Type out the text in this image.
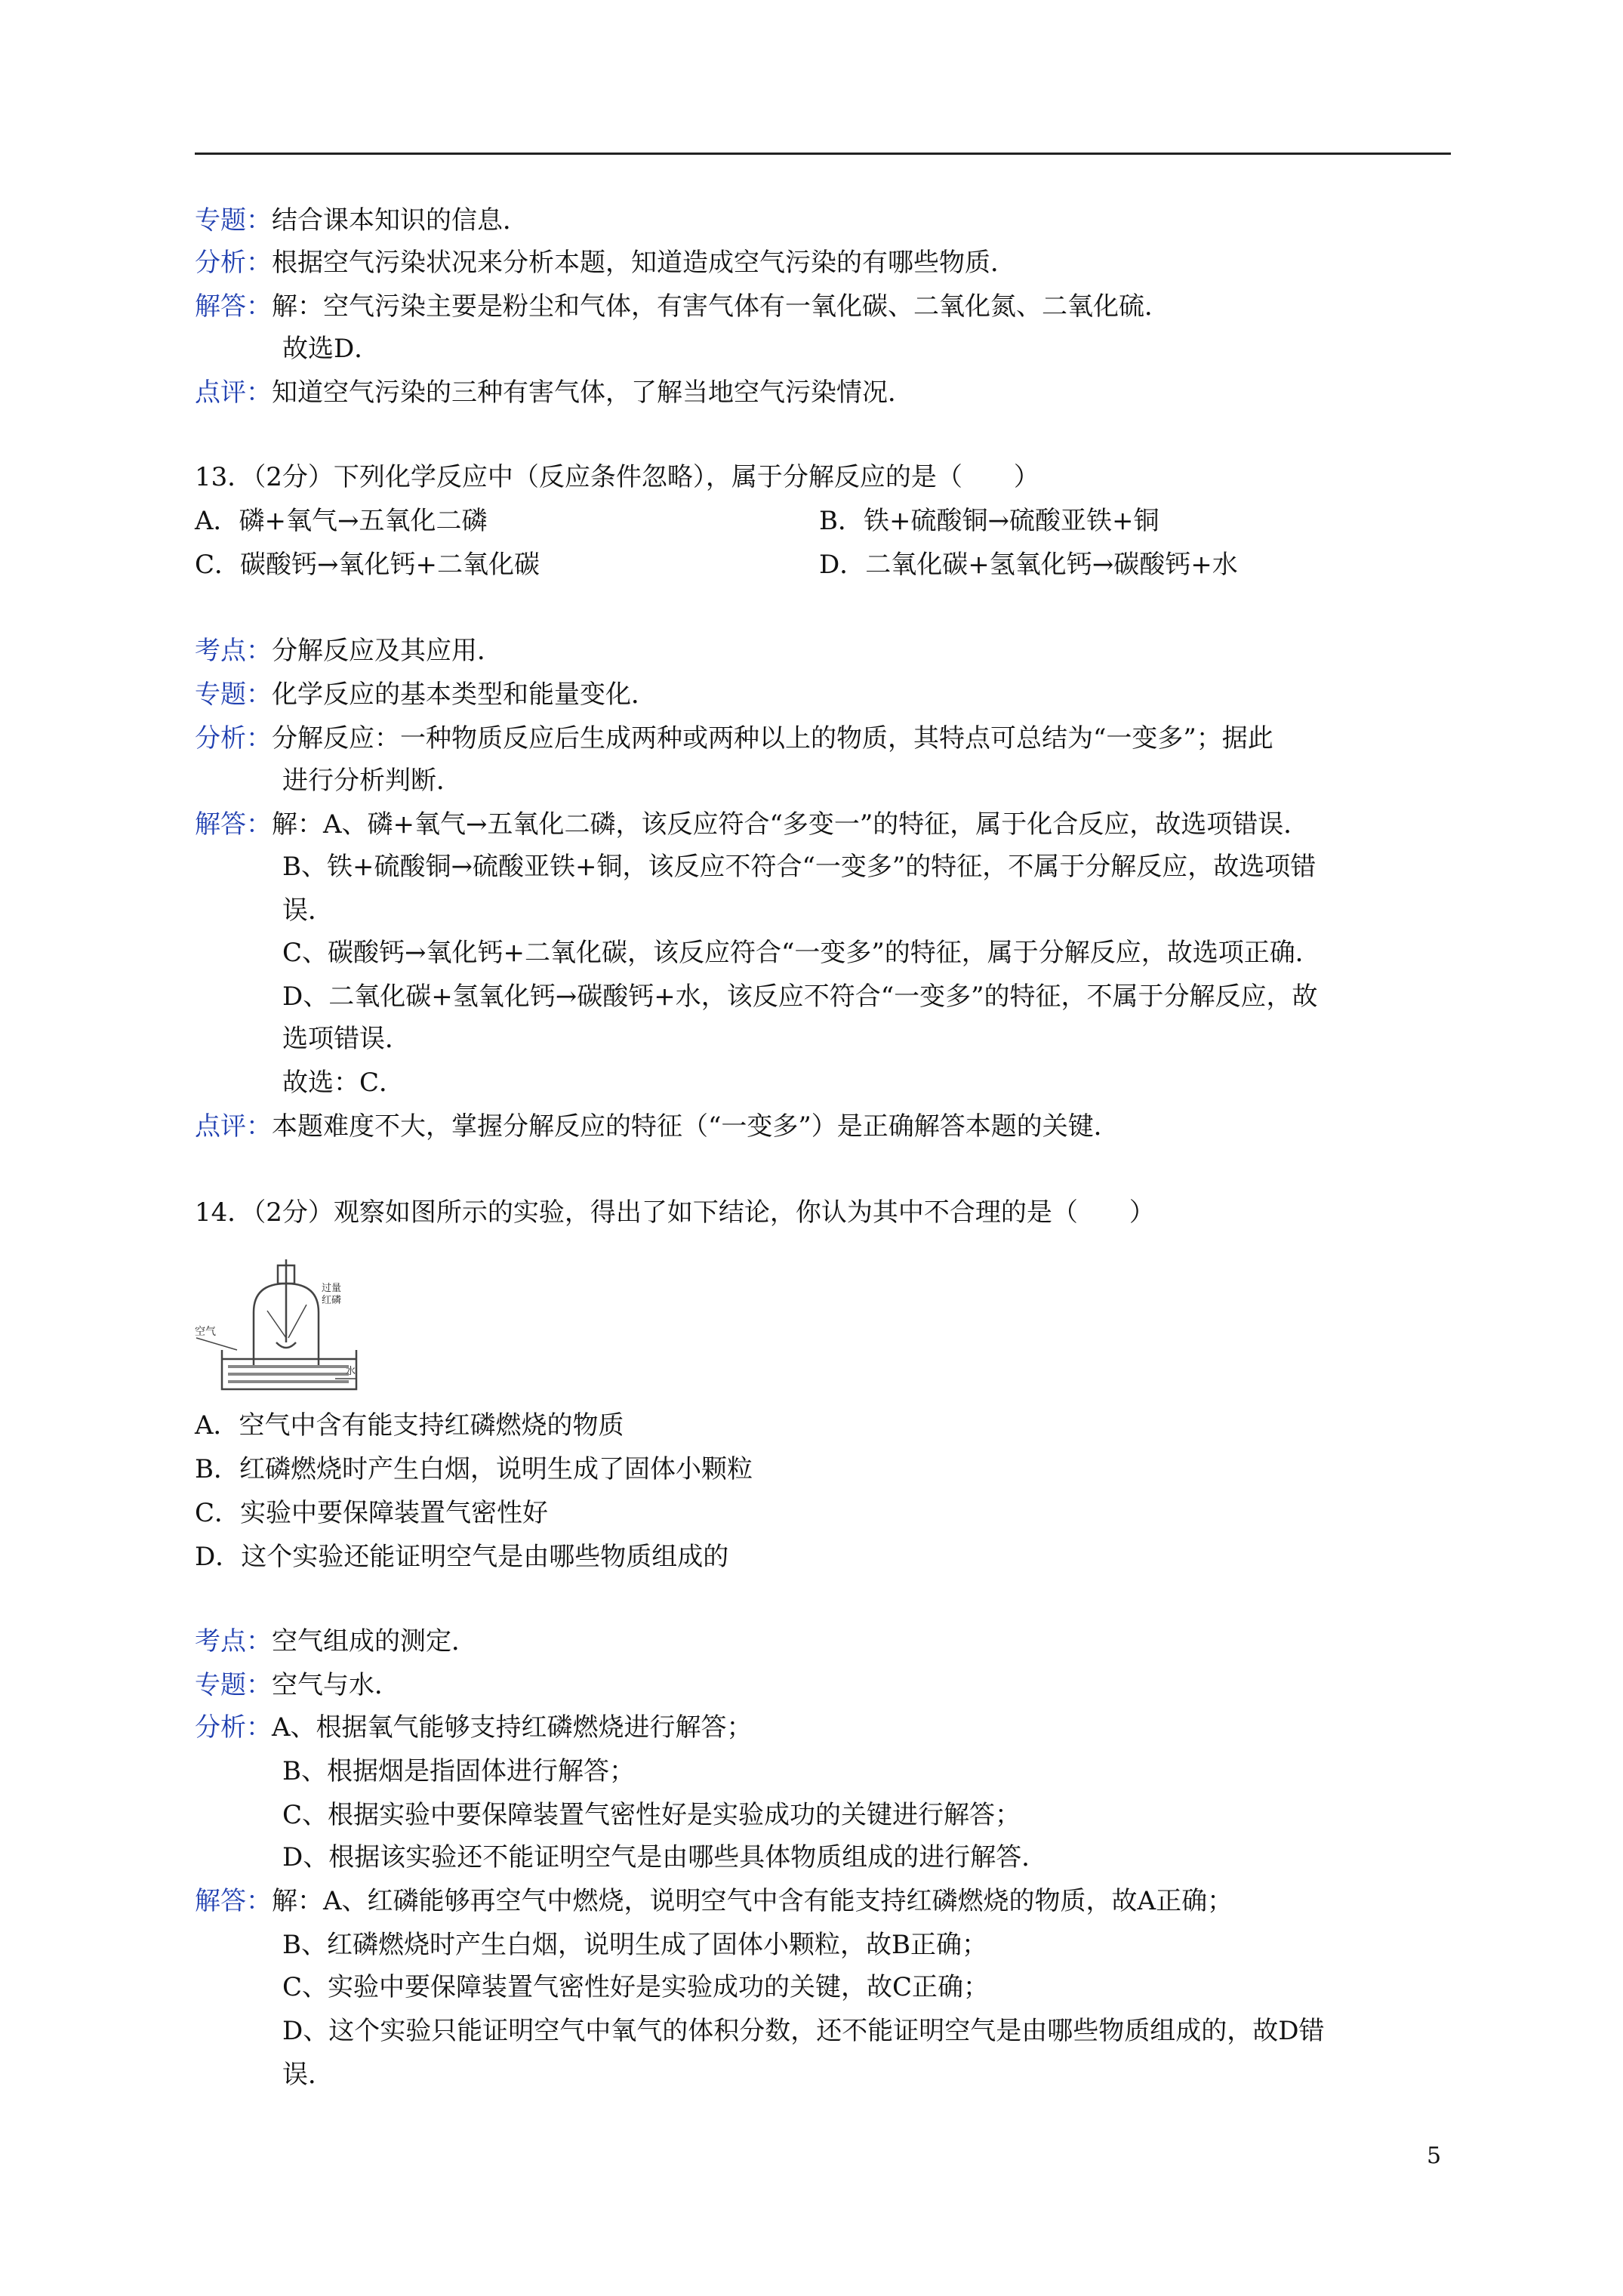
专题：结合课本知识的信息．
分析：根据空气污染状况来分析本题，知道造成空气污染的有哪些物质．
解答：解：空气污染主要是粉尘和气体，有害气体有一氧化碳、二氧化氮、二氧化硫．
故选D．
点评：知道空气污染的三种有害气体，了解当地空气污染情况．
13．（2分）下列化学反应中（反应条件忽略），属于分解反应的是（　　）
A．磷+氧气→五氧化二磷	B．铁+硫酸铜→硫酸亚铁+铜
C．碳酸钙→氧化钙+二氧化碳	D．二氧化碳+氢氧化钙→碳酸钙+水
考点：分解反应及其应用．
专题：化学反应的基本类型和能量变化．
分析：分解反应：一种物质反应后生成两种或两种以上的物质，其特点可总结为“一变多”；据此
进行分析判断．
解答：解：A、磷+氧气→五氧化二磷，该反应符合“多变一”的特征，属于化合反应，故选项错误．
B、铁+硫酸铜→硫酸亚铁+铜，该反应不符合“一变多”的特征，不属于分解反应，故选项错
误．
C、碳酸钙→氧化钙+二氧化碳，该反应符合“一变多”的特征，属于分解反应，故选项正确．
D、二氧化碳+氢氧化钙→碳酸钙+水，该反应不符合“一变多”的特征，不属于分解反应，故
选项错误．
故选：C．
点评：本题难度不大，掌握分解反应的特征（“一变多”）是正确解答本题的关键．
14．（2分）观察如图所示的实验，得出了如下结论，你认为其中不合理的是（　　）
空气
过量
红磷
水
A．空气中含有能支持红磷燃烧的物质
B．红磷燃烧时产生白烟，说明生成了固体小颗粒
C．实验中要保障装置气密性好
D．这个实验还能证明空气是由哪些物质组成的
考点：空气组成的测定．
专题：空气与水．
分析：A、根据氧气能够支持红磷燃烧进行解答；
B、根据烟是指固体进行解答；
C、根据实验中要保障装置气密性好是实验成功的关键进行解答；
D、根据该实验还不能证明空气是由哪些具体物质组成的进行解答．
解答：解：A、红磷能够再空气中燃烧，说明空气中含有能支持红磷燃烧的物质，故A正确；
B、红磷燃烧时产生白烟，说明生成了固体小颗粒，故B正确；
C、实验中要保障装置气密性好是实验成功的关键，故C正确；
D、这个实验只能证明空气中氧气的体积分数，还不能证明空气是由哪些物质组成的，故D错
误．
5
